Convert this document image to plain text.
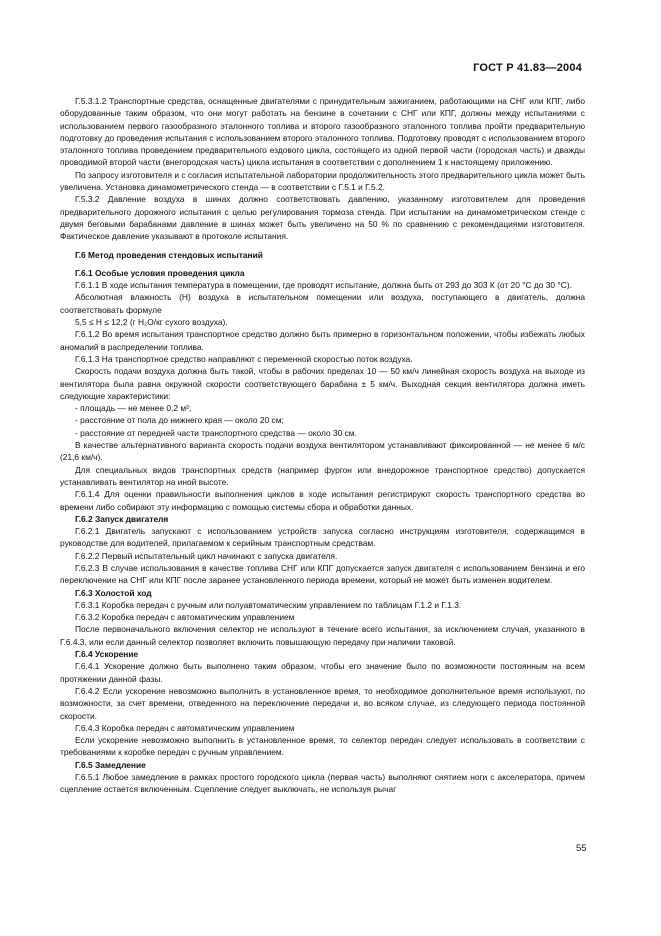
ГОСТ Р 41.83—2004

Г.5.3.1.2 Транспортные средства, оснащенные двигателями с принудительным зажиганием, работающими на СНГ или КПГ, либо оборудованные таким образом, что они могут работать на бензине в сочетании с СНГ или КПГ, должны между испытаниями с использованием первого газообразного эталонного топлива и второго газообразного эталонного топлива пройти предварительную подготовку до проведения испытания с использованием второго эталонного топлива. Подготовку проводят с использованием второго эталонного топлива проведением предварительного ездового цикла, состоящего из одной первой части (городская часть) и дважды проводимой второй части (внегородская часть) цикла испытания в соответствии с дополнением 1 к настоящему приложению.

По запросу изготовителя и с согласия испытательной лаборатории продолжительность этого предварительного цикла может быть увеличена. Установка динамометрического стенда — в соответствии с Г.5.1 и Г.5.2.

Г.5.3.2 Давление воздуха в шинах должно соответствовать давлению, указанному изготовителем для проведения предварительного дорожного испытания с целью регулирования тормоза стенда. При испытании на динамометрическом стенде с двумя беговыми барабанами давление в шинах может быть увеличено на 50 % по сравнению с рекомендациями изготовителя. Фактическое давление указывают в протоколе испытания.

Г.6 Метод проведения стендовых испытаний

Г.6.1 Особые условия проведения цикла

Г.6.1.1 В ходе испытания температура в помещении, где проводят испытание, должна быть от 293 до 303 К (от 20 °С до 30 °С).

Абсолютная влажность (H) воздуха в испытательном помещении или воздуха, поступающего в двигатель, должна соответствовать формуле

5,5 ≤ H ≤ 12,2 (г H₂O/кг сухого воздуха).

Г.6.1.2 Во время испытания транспортное средство должно быть примерно в горизонтальном положении, чтобы избежать любых аномалий в распределении топлива.

Г.6.1.3 На транспортное средство направляют с переменной скоростью поток воздуха.

Скорость подачи воздуха должна быть такой, чтобы в рабочих пределах 10 — 50 км/ч линейная скорость воздуха на выходе из вентилятора была равна окружной скорости соответствующего барабана ± 5 км/ч. Выходная секция вентилятора должна иметь следующие характеристики:

- площадь — не менее 0,2 м²;

- расстояние от пола до нижнего края — около 20 см;

- расстояние от передней части транспортного средства — около 30 см.

В качестве альтернативного варианта скорость подачи воздуха вентилятором устанавливают фиксированной — не менее 6 м/с (21,6 км/ч).

Для специальных видов транспортных средств (например фургон или внедорожное транспортное средство) допускается устанавливать вентилятор на иной высоте.

Г.6.1.4 Для оценки правильности выполнения циклов в ходе испытания регистрируют скорость транспортного средства во времени либо собирают эту информацию с помощью системы сбора и обработки данных.

Г.6.2 Запуск двигателя

Г.6.2.1 Двигатель запускают с использованием устройств запуска согласно инструкциям изготовителя, содержащимся в руководстве для водителей, прилагаемом к серийным транспортным средствам.

Г.6.2.2 Первый испытательный цикл начинают с запуска двигателя.

Г.6.2.3 В случае использования в качестве топлива СНГ или КПГ допускается запуск двигателя с использованием бензина и его переключение на СНГ или КПГ после заранее установленного периода времени, который не может быть изменен водителем.

Г.6.3 Холостой ход

Г.6.3.1 Коробка передач с ручным или полуавтоматическим управлением по таблицам Г.1.2 и Г.1.3.

Г.6.3.2 Коробка передач с автоматическим управлением

После первоначального включения селектор не используют в течение всего испытания, за исключением случая, указанного в Г.6.4.3, или если данный селектор позволяет включить повышающую передачу при наличии таковой.

Г.6.4 Ускорение

Г.6.4.1 Ускорение должно быть выполнено таким образом, чтобы его значение было по возможности постоянным на всем протяжении данной фазы.

Г.6.4.2 Если ускорение невозможно выполнить в установленное время, то необходимое дополнительное время используют, по возможности, за счет времени, отведенного на переключение передачи и, во всяком случае, из следующего периода постоянной скорости.

Г.6.4.3 Коробка передач с автоматическим управлением

Если ускорение невозможно выполнить в установленное время, то селектор передач следует использовать в соответствии с требованиями к коробке передач с ручным управлением.

Г.6.5 Замедление

Г.6.5.1 Любое замедление в рамках простого городского цикла (первая часть) выполняют снятием ноги с акселератора, причем сцепление остается включенным. Сцепление следует выключать, не используя рычаг

55
